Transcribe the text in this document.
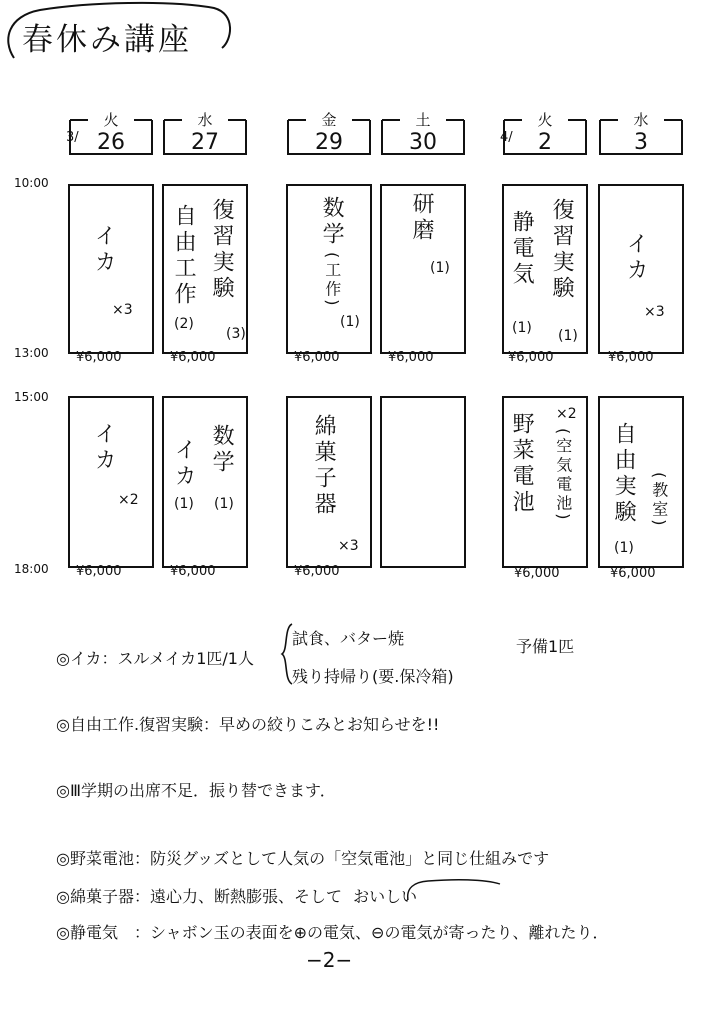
春休み講座
火
3/ 26
水
27
金
29
土
30
火
4/	2
水
3
10:00
13:00
15:00
18:00
イカ
×3
¥6,000
復習実験
(3)
自由工作
(2)
¥6,000
数学
(工作)
(1)
¥6,000
研磨
(1)
¥6,000
復習実験
(1)
静電気
(1)
¥6,000
イカ
×3
¥6,000
イカ
×2
¥6,000
数学
(1)
イカ
(1)
¥6,000
綿菓子器
×3
¥6,000
(空気電池)
×2
野菜電池
¥6,000
(教室)
自由実験
(1)
¥6,000
◎イカ：スルメイカ1匹/1人
試食、バター焼
残り持帰り(要.保冷箱)
予備1匹
◎自由工作.復習実験：早めの絞りこみとお知らせを!!
◎Ⅲ学期の出席不足．振り替できます．
◎野菜電池：防災グッズとして人気の「空気電池」と同じ仕組みです
◎綿菓子器：遠心力、断熱膨張、そして おいしい
◎静電気　：シャボン玉の表面を⊕の電気、⊖の電気が寄ったり、離れたり．
−2−
